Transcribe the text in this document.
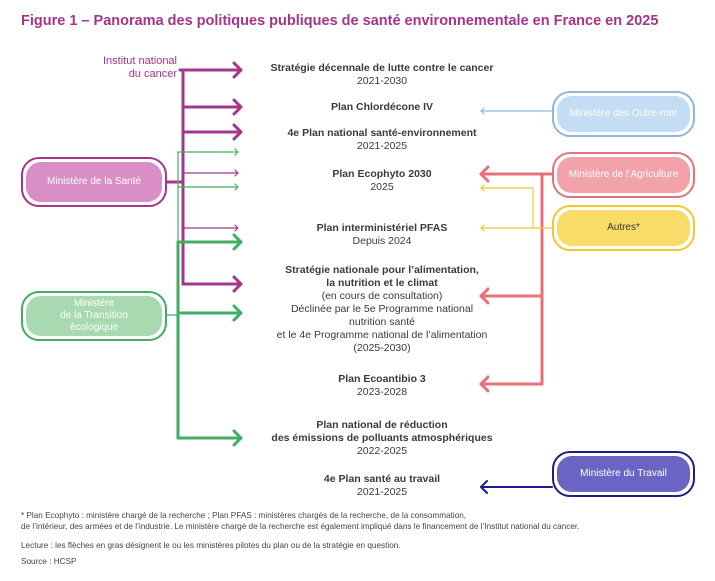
Figure 1 – Panorama des politiques publiques de santé environnementale en France en 2025
Institut national
du cancer	Stratégie décennale de lutte contre le cancer
2021-2030
Plan Chlordécone IV
4e Plan national santé-environnement
2021-2025
Plan Ecophyto 2030
2025
Plan interministériel PFAS
Depuis 2024
Stratégie nationale pour l’alimentation,
la nutrition et le climat
(en cours de consultation)
Déclinée par le 5e Programme national
nutrition santé
et le 4e Programme national de l’alimentation
(2025-2030)
Plan Ecoantibio 3
2023-2028
Plan national de réduction
des émissions de polluants atmosphériques
2022-2025
4e Plan santé au travail
2021-2025
Ministère de la Santé
Ministère
de la Transition
écologique
Ministère des Outre-mer
Ministère de l’Agriculture
Autres*
Ministère du Travail
* Plan Ecophyto : ministère chargé de la recherche ; Plan PFAS : ministères chargés de la recherche, de la consommation,
de l’intérieur, des armées et de l’industrie. Le ministère chargé de la recherche est également impliqué dans le financement de l’Institut national du cancer.
Lecture : les flèches en gras désignent le ou les ministères pilotes du plan ou de la stratégie en question.
Source : HCSP
